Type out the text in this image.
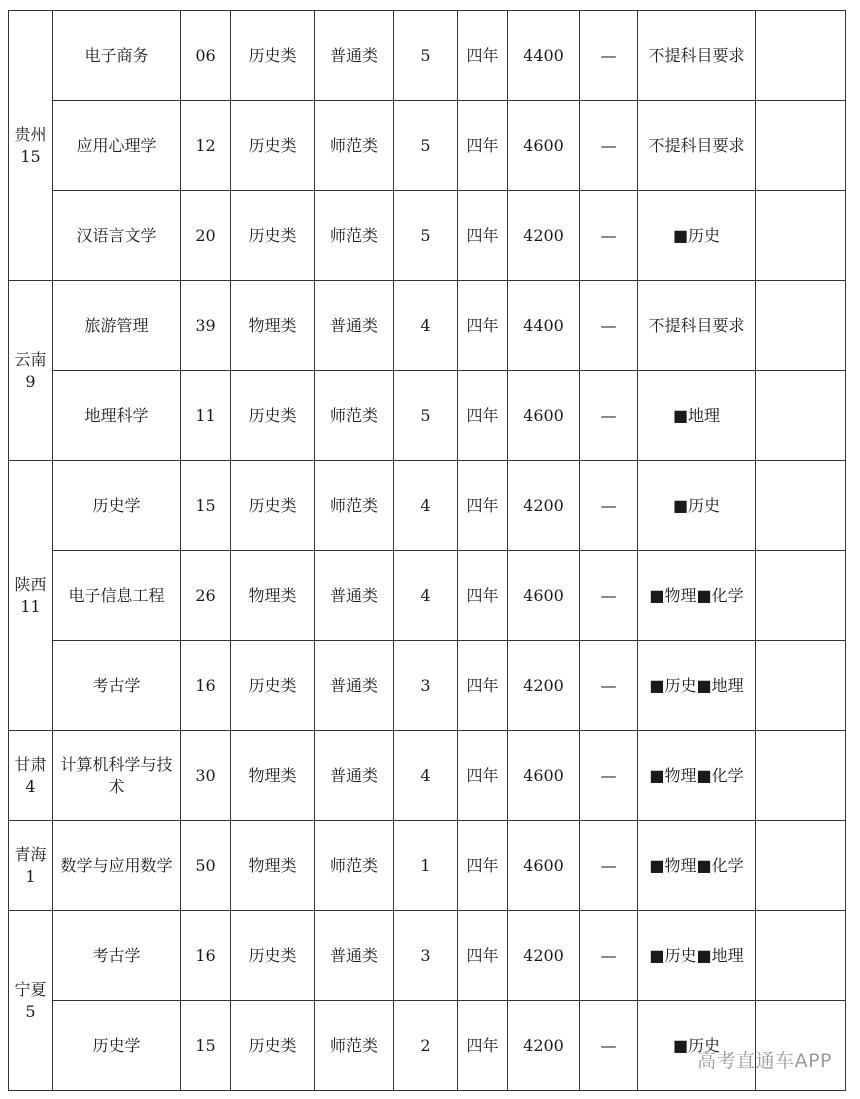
贵州
15	电子商务	06	历史类	普通类	5	四年	4400	—	不提科目要求	
	应用心理学	12	历史类	师范类	5	四年	4600	—	不提科目要求	
	汉语言文学	20	历史类	师范类	5	四年	4200	—	■历史	

云南
9	旅游管理	39	物理类	普通类	4	四年	4400	—	不提科目要求	
	地理科学	11	历史类	师范类	5	四年	4600	—	■地理	

陕西
11	历史学	15	历史类	师范类	4	四年	4200	—	■历史	
	电子信息工程	26	物理类	普通类	4	四年	4600	—	■物理■化学	
	考古学	16	历史类	普通类	3	四年	4200	—	■历史■地理	

甘肃
4	计算机科学与技术	30	物理类	普通类	4	四年	4600	—	■物理■化学	

青海
1	数学与应用数学	50	物理类	师范类	1	四年	4600	—	■物理■化学	

宁夏
5	考古学	16	历史类	普通类	3	四年	4200	—	■历史■地理	
	历史学	15	历史类	师范类	2	四年	4200	—	■历史	
高考直通车APP
